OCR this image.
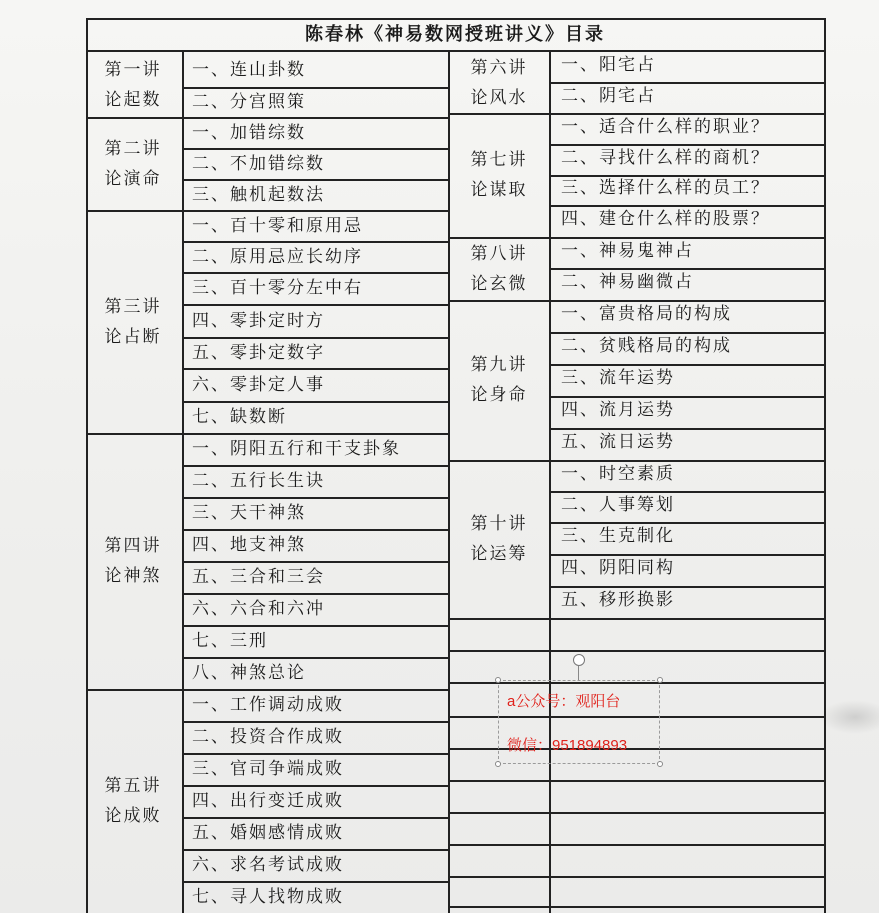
陈春林《神易数网授班讲义》目录
一、连山卦数
二、分宫照策
第一讲
论起数
一、加错综数
二、不加错综数
三、触机起数法
第二讲
论演命
一、百十零和原用忌
二、原用忌应长幼序
三、百十零分左中右
四、零卦定时方
五、零卦定数字
六、零卦定人事
七、缺数断
第三讲
论占断
一、阴阳五行和干支卦象
二、五行长生诀
三、天干神煞
四、地支神煞
五、三合和三会
六、六合和六冲
七、三刑
八、神煞总论
第四讲
论神煞
一、工作调动成败
二、投资合作成败
三、官司争端成败
四、出行变迁成败
五、婚姻感情成败
六、求名考试成败
七、寻人找物成败
第五讲
论成败
一、阳宅占
二、阴宅占
第六讲
论风水
一、适合什么样的职业？
二、寻找什么样的商机？
三、选择什么样的员工？
四、建仓什么样的股票？
第七讲
论谋取
一、神易鬼神占
二、神易幽微占
第八讲
论玄微
一、富贵格局的构成
二、贫贱格局的构成
三、流年运势
四、流月运势
五、流日运势
第九讲
论身命
一、时空素质
二、人事筹划
三、生克制化
四、阴阳同构
五、移形换影
第十讲
论运筹
a公众号：观阳台
微信：951894893
